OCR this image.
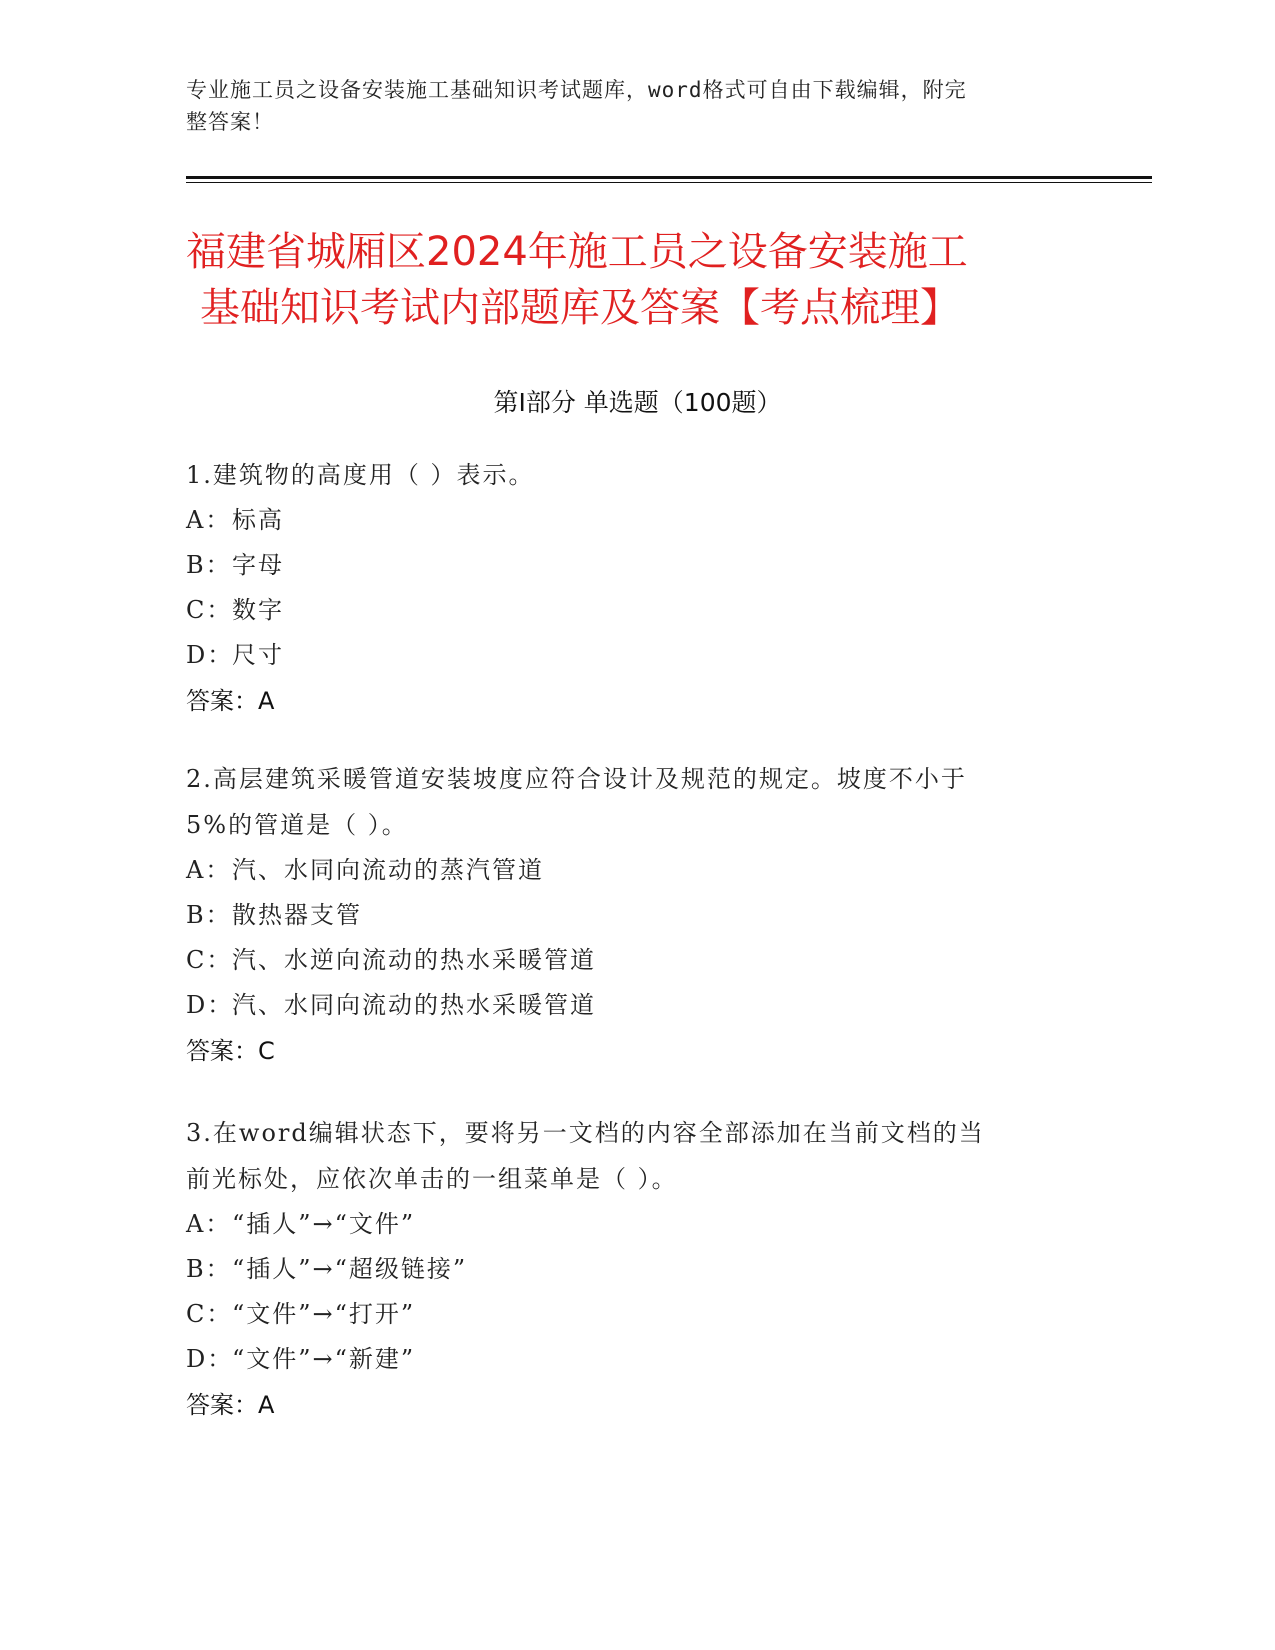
专业施工员之设备安装施工基础知识考试题库，word格式可自由下载编辑，附完
整答案！
福建省城厢区2024年施工员之设备安装施工
基础知识考试内部题库及答案【考点梳理】
第Ⅰ部分 单选题（100题）

1.建筑物的高度用（ ）表示。

A：标高

B：字母

C：数字

D：尺寸

答案：A

2.高层建筑采暖管道安装坡度应符合设计及规范的规定。坡度不小于

5%的管道是（ ）。

A：汽、水同向流动的蒸汽管道

B：散热器支管

C：汽、水逆向流动的热水采暖管道

D：汽、水同向流动的热水采暖管道

答案：C

3.在word编辑状态下，要将另一文档的内容全部添加在当前文档的当

前光标处，应依次单击的一组菜单是（ ）。

A：“插人”→“文件”

B：“插人”→“超级链接”

C：“文件”→“打开”

D：“文件”→“新建”

答案：A
